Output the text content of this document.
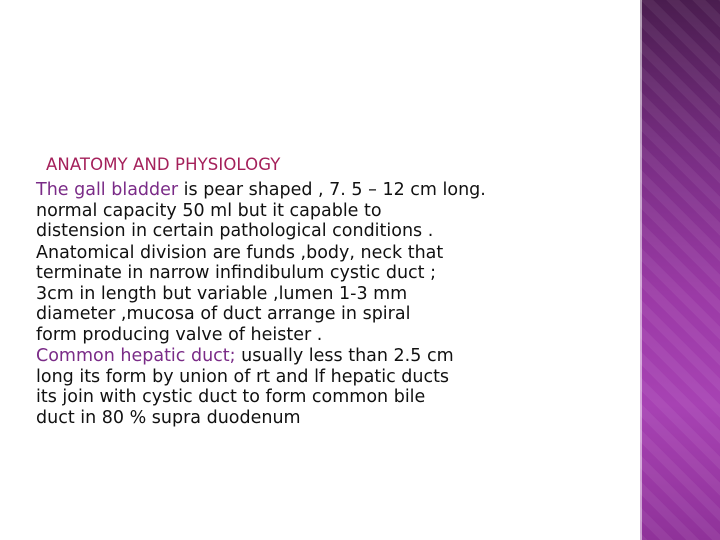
ANATOMY AND PHYSIOLOGY

The gall bladder is pear shaped , 7. 5 – 12 cm long.
normal capacity 50 ml but it capable to
distension in certain pathological conditions .

Anatomical division are funds ,body, neck that
terminate in narrow infindibulum cystic duct ;
3cm in length but variable ,lumen 1-3 mm
diameter ,mucosa of duct arrange in spiral
form producing valve of heister .

Common hepatic duct; usually less than 2.5 cm
long its form by union of rt and lf hepatic ducts
its join with cystic duct to form common bile
duct in 80 % supra duodenum
